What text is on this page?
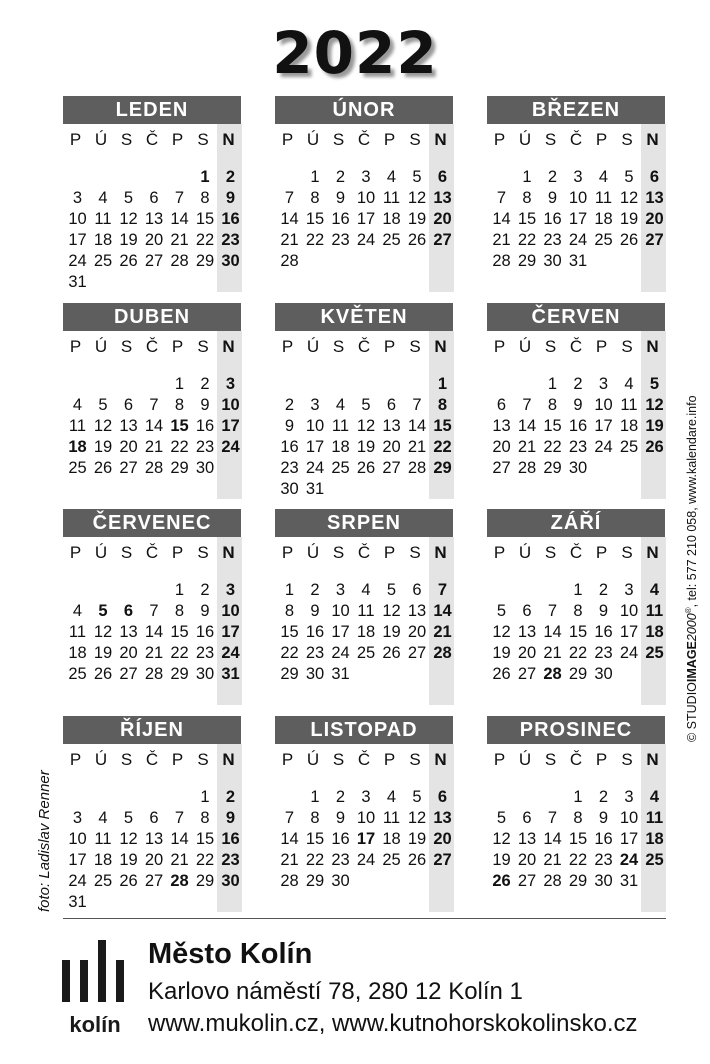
2022
LEDEN
P Ú S Č P S N
1 2
3 4 5 6 7 8 9
10 11 12 13 14 15 16
17 18 19 20 21 22 23
24 25 26 27 28 29 30
31
ÚNOR
P Ú S Č P S N
1 2 3 4 5 6
7 8 9 10 11 12 13
14 15 16 17 18 19 20
21 22 23 24 25 26 27
28
BŘEZEN
P Ú S Č P S N
1 2 3 4 5 6
7 8 9 10 11 12 13
14 15 16 17 18 19 20
21 22 23 24 25 26 27
28 29 30 31
DUBEN
P Ú S Č P S N
1 2 3
4 5 6 7 8 9 10
11 12 13 14 15 16 17
18 19 20 21 22 23 24
25 26 27 28 29 30
KVĚTEN
P Ú S Č P S N
1
2 3 4 5 6 7 8
9 10 11 12 13 14 15
16 17 18 19 20 21 22
23 24 25 26 27 28 29
30 31
ČERVEN
P Ú S Č P S N
1 2 3 4 5
6 7 8 9 10 11 12
13 14 15 16 17 18 19
20 21 22 23 24 25 26
27 28 29 30
ČERVENEC
P Ú S Č P S N
1 2 3
4 5 6 7 8 9 10
11 12 13 14 15 16 17
18 19 20 21 22 23 24
25 26 27 28 29 30 31
SRPEN
P Ú S Č P S N
1 2 3 4 5 6 7
8 9 10 11 12 13 14
15 16 17 18 19 20 21
22 23 24 25 26 27 28
29 30 31
ZÁŘÍ
P Ú S Č P S N
1 2 3 4
5 6 7 8 9 10 11
12 13 14 15 16 17 18
19 20 21 22 23 24 25
26 27 28 29 30
ŘÍJEN
P Ú S Č P S N
1 2
3 4 5 6 7 8 9
10 11 12 13 14 15 16
17 18 19 20 21 22 23
24 25 26 27 28 29 30
31
LISTOPAD
P Ú S Č P S N
1 2 3 4 5 6
7 8 9 10 11 12 13
14 15 16 17 18 19 20
21 22 23 24 25 26 27
28 29 30
PROSINEC
P Ú S Č P S N
1 2 3 4
5 6 7 8 9 10 11
12 13 14 15 16 17 18
19 20 21 22 23 24 25
26 27 28 29 30 31
foto: Ladislav Renner
© STUDIOIMAGE2000®, tel: 577 210 058, www.kalendare.info
kolín
Město Kolín
Karlovo náměstí 78, 280 12 Kolín 1
www.mukolin.cz, www.kutnohorskokolinsko.cz
